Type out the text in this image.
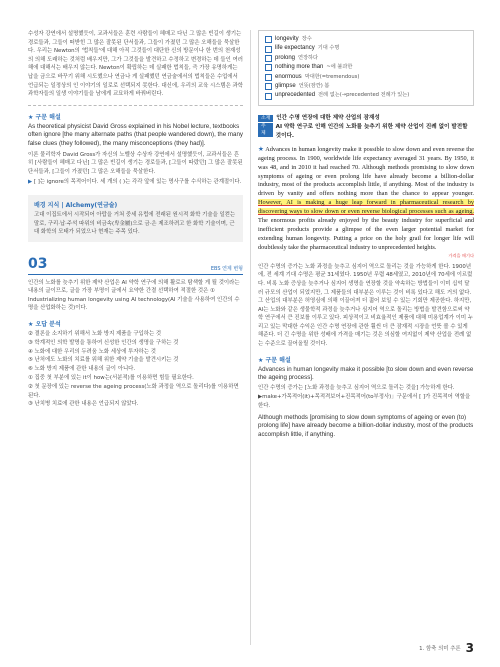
수성자 강연에서 설명했듯이, 교과서들은 훈련 사람들이 헤매고 다닌 그 많은 빈길이 생기는 경로들과, 그들이 떠받힌 그 많은 잘못된 단서들과, 그들이 가졌던 그 많은 오해들을 묵살한다. 우리는 Newton의 '법칙들'에 대해 아직 그것들이 대단한 신의 방문이나 한 번의 천재성의 의해 도래하는 것처럼 배우지만, 그가 그것들을 발견하고 수정하고 변경하는 데 들인 여러 해에 대해서는 배우지 않는다. Newton이 확립하는 데 실패한 법칙들, 즉 가장 유명하게는 납을 금으로 바꾸기 위해 시도했으나 연금나 게 실패했던 연금술에서의 법칙들은 수업에서 언급되는 일정상의 인 이야기의 일로로 선택되지 못한다. 대신에, 우리의 교육 시스템은 과학 과학자들의 일생 이야기들을 남에게 교묘하게 바꿔버린다.

★ 구문 해설

As theoretical physicist David Gross explained in his Nobel lecture, textbooks often ignore [the many alternate paths (that people wandered down), the many false clues (they followed), the many misconceptions (they had)].

이론 물리학자 David Gross가 자신의 노벨상 수상자 강연에서 설명했듯이, 교과서들은 흔히 [사람들이 헤매고 다닌] 그 많은 빈길이 생기는 경로들과, [그들이 따랐던] 그 많은 잘못된 단서들과, [그들이 가졌던] 그 많은 오해들을 묵살한다.

▶ [ ]는 ignore의 목적어이다. 세 개의 ( )는 각각 앞에 있는 명사구를 수식하는 관계절이다.

배경 지식 | Alchemy(연금술)

고대 이집트에서 시작되어 아랍을 거쳐 중세 유럽에 전래된 원시적 화학 기술을 일컫는 말로, 구리·납·주석 따위의 비금속(卑金屬)으로 금·은 제조하려고 한 화학 기술이며, 근대 화학의 모태가 되었으나 현재는 주목 있다.

03	EBS 연계 변형

인간의 노화를 늦추기 위한 제약 산업은 AI 약학 연구에 의해 활로르 탐색할 게 될 것이라는 내용의 글이므로, 글을 가장 부명이 글에서 요약한 간결 선택하여 적절한 것은 ① Industrializing human longevity using AI technology(AI 기술을 사용하여 인간의 수명을 산업화하는 것)이다.

★ 오답 분석
② 결론을 소지하기 위해서 노화 방지 제품을 구입하는 것
③ 학계적인 의학 발명을 통하여 신성한 인간의 생명을 구하는 것
④ 노화에 대한 우리의 두려움 노화 세상에 투자하는 것
⑤ 난처에도 노화의 치료를 위해 위한 제약 기술을 발견시키는 것
⑥ 노화 방지 제품에 관한 내용의 글이 아니다.
① 집중 첫 부분에 있는 it이 how는(서분적)를 이용하면 힘들 필요한다.
② 첫 문장에 있는 reverse the ageing process(노화 과정을 역으로 돌리다)를 이용하면 된다.
③ 난치병 치료에 관한 내용은 언급되지 않았다.
longevity 장수
life expectancy 기대 수명
prolong 연장하다
nothing more than ~에 불과한
enormous 막대한(=tremendous)
glimpse 언뜻(잠깐) 봄
unprecedented 전례 없는(→precedented 전례가 있는)
소재	인간 수명 연장에 대한 제약 산업의 잠재성
주제
AI 약학 연구로 인해 인간의 노화를 늦추기 위한 제약 산업이 진례 없이 발전할 것이다.

★ Advances in human longevity make it possible to slow down and even reverse the ageing process. In 1900, worldwide life expectancy averaged 31 years. By 1950, it was 48, and in 2010 it had reached 70. Although methods promising to slow down symptoms of ageing or even prolong life have already become a billion-dollar industry, most of the products accomplish little, if anything. Most of the industry is driven by vanity and offers nothing more than the chance to appear younger. However, AI is making a huge leap forward in pharmaceutical research by discovering ways to slow down or even reverse biological processes such as ageing. The enormous profits already enjoyed by the beauty industry for superficial and inefficient products provide a glimpse of the even larger potential market for extending human longevity. Putting a price on the holy grail for longer life will doubtlessly take the pharmaceutical industry to unprecedented heights.

가격을 매기다

인간 수명의 증가는 노화 과정을 늦추고 심지어 역으로 돌리는 것을 가능하게 한다. 1900년에, 전 세계 기대 수명은 평균 31세였다. 1950년 무렵 48세였고, 2010년에 70세에 이르렀다. 비록 노화 증상을 늦추거나 심지어 생명을 연장할 것을 약속하는 방법들이 이미 십억 달러 규모의 산업이 되었지만, 그 제품들의 대부분은 이루는 것이 비록 있다고 해도 거의 없다. 그 산업의 대부분은 허영심에 의해 이끌어져 더 젊어 보일 수 있는 기회만 제공한다. 하지만, AI는 노화와 같은 생물학적 과정을 늦추거나 심지어 역으로 돌리는 방법을 발견함으로써 약학 연구에서 큰 진보를 이루고 있다. 피상적이고 비효율적인 제품에 대해 미용업계가 이미 누리고 있는 막대한 수익은 인간 수명 연장에 관한 훨씬 더 큰 잠재적 시장을 언뜻 볼 수 있게 해준다. 더 긴 수명을 위한 성배에 가격을 매기는 것은 의심할 여지없이 제약 산업을 전례 없는 수준으로 끌어올릴 것이다.

★ 구문 해설

Advances in human longevity make it possible [to slow down and even reverse the ageing process].

인간 수명의 증가는 [노화 과정을 늦추고 심지어 역으로 돌리는 것을] 가능하게 한다.

▶make+가목적어(it)+목적격보어+진목적어(to부정사)」구문에서 [ ]가 진목적어 역할을 한다.

Although methods [promising to slow down symptoms of ageing or even (to) prolong life] have already become a billion-dollar industry, most of the products accomplish little, if anything.

1. 함축 의미 추론 3
